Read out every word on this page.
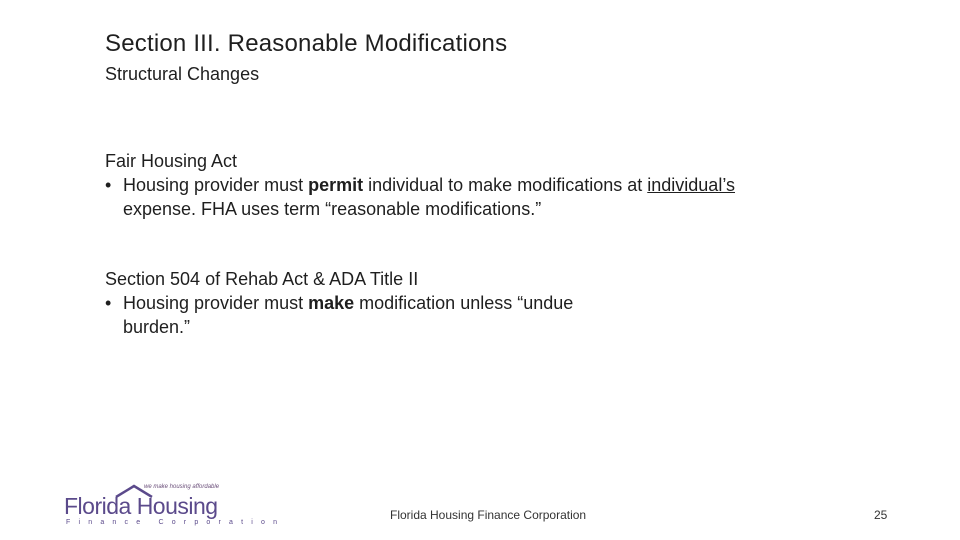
Section III. Reasonable Modifications
Structural Changes
Fair Housing Act
• Housing provider must permit individual to make modifications at individual’s expense. FHA uses term “reasonable modifications.”
Section 504 of Rehab Act & ADA Title II
• Housing provider must make modification unless “undue burden.”
we make housing affordable
Florida Housing
Finance Corporation
Florida Housing Finance Corporation	25
